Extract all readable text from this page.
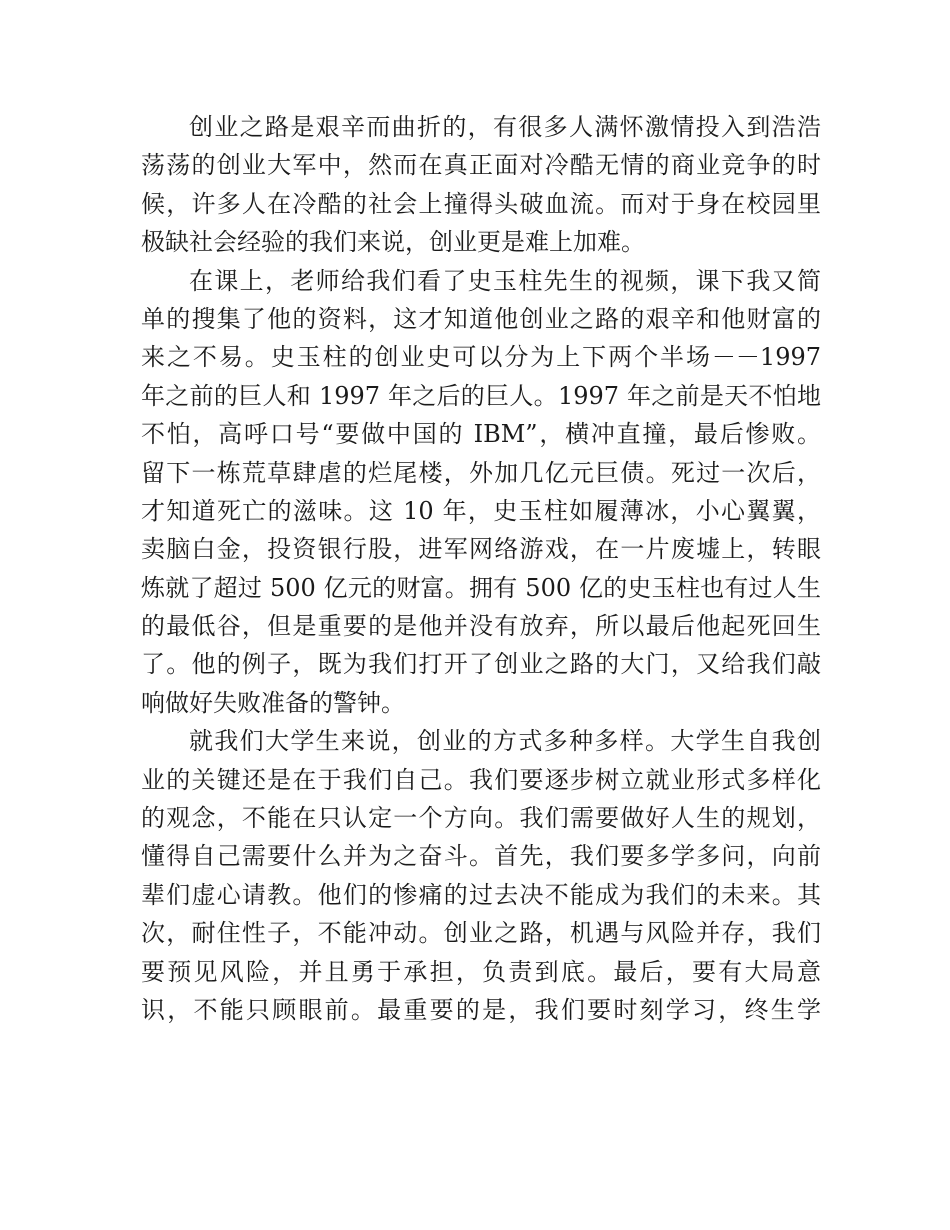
创业之路是艰辛而曲折的，有很多人满怀激情投入到浩浩
荡荡的创业大军中，然而在真正面对冷酷无情的商业竞争的时
候，许多人在冷酷的社会上撞得头破血流。而对于身在校园里
极缺社会经验的我们来说，创业更是难上加难。
在课上，老师给我们看了史玉柱先生的视频，课下我又简
单的搜集了他的资料，这才知道他创业之路的艰辛和他财富的
来之不易。史玉柱的创业史可以分为上下两个半场－－1997
年之前的巨人和 1997 年之后的巨人。1997 年之前是天不怕地
不怕，高呼口号“要做中国的 IBM”，横冲直撞，最后惨败。
留下一栋荒草肆虐的烂尾楼，外加几亿元巨债。死过一次后，
才知道死亡的滋味。这 10 年，史玉柱如履薄冰，小心翼翼，
卖脑白金，投资银行股，进军网络游戏，在一片废墟上，转眼
炼就了超过 500 亿元的财富。拥有 500 亿的史玉柱也有过人生
的最低谷，但是重要的是他并没有放弃，所以最后他起死回生
了。他的例子，既为我们打开了创业之路的大门，又给我们敲
响做好失败准备的警钟。
就我们大学生来说，创业的方式多种多样。大学生自我创
业的关键还是在于我们自己。我们要逐步树立就业形式多样化
的观念，不能在只认定一个方向。我们需要做好人生的规划，
懂得自己需要什么并为之奋斗。首先，我们要多学多问，向前
辈们虚心请教。他们的惨痛的过去决不能成为我们的未来。其
次，耐住性子，不能冲动。创业之路，机遇与风险并存，我们
要预见风险，并且勇于承担，负责到底。最后，要有大局意
识，不能只顾眼前。最重要的是，我们要时刻学习，终生学
